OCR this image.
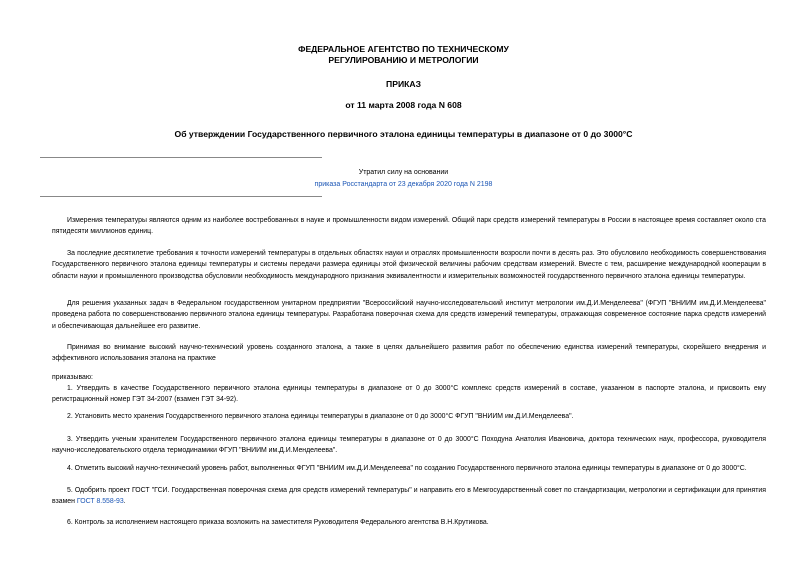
ФЕДЕРАЛЬНОЕ АГЕНТСТВО ПО ТЕХНИЧЕСКОМУ
РЕГУЛИРОВАНИЮ И МЕТРОЛОГИИ
ПРИКАЗ
от 11 марта 2008 года N 608
Об утверждении Государственного первичного эталона единицы температуры в диапазоне от 0 до 3000°С
Утратил силу на основании
приказа Росстандарта от 23 декабря 2020 года N 2198
Измерения температуры являются одним из наиболее востребованных в науке и промышленности видом измерений. Общий парк средств измерений температуры в России в настоящее время составляет около ста пятидесяти миллионов единиц.
За последние десятилетие требования к точности измерений температуры в отдельных областях науки и отраслях промышленности возросли почти в десять раз. Это обусловило необходимость совершенствования Государственного первичного эталона единицы температуры и системы передачи размера единицы этой физической величины рабочим средствам измерений. Вместе с тем, расширение международной кооперации в области науки и промышленного производства обусловили необходимость международного признания эквивалентности и измерительных возможностей государственного первичного эталона единицы температуры.
Для решения указанных задач в Федеральном государственном унитарном предприятии "Всероссийский научно-исследовательский институт метрологии им.Д.И.Менделеева" (ФГУП "ВНИИМ им.Д.И.Менделеева" проведена работа по совершенствованию первичного эталона единицы температуры. Разработана поверочная схема для средств измерений температуры, отражающая современное состояние парка средств измерений и обеспечивающая дальнейшее его развитие.
Принимая во внимание высокий научно-технический уровень созданного эталона, а также в целях дальнейшего развития работ по обеспечению единства измерений температуры, скорейшего внедрения и эффективного использования эталона на практике
приказываю:
1. Утвердить в качестве Государственного первичного эталона единицы температуры в диапазоне от 0 до 3000°С комплекс средств измерений в составе, указанном в паспорте эталона, и присвоить ему регистрационный номер ГЭТ 34-2007 (взамен ГЭТ 34-92).
2. Установить место хранения Государственного первичного эталона единицы температуры в диапазоне от 0 до 3000°С ФГУП "ВНИИМ им.Д.И.Менделеева".
3. Утвердить ученым хранителем Государственного первичного эталона единицы температуры в диапазоне от 0 до 3000°С Походуна Анатолия Ивановича, доктора технических наук, профессора, руководителя научно-исследовательского отдела термодинамики ФГУП "ВНИИМ им.Д.И.Менделеева".
4. Отметить высокий научно-технический уровень работ, выполненных ФГУП "ВНИИМ им.Д.И.Менделеева" по созданию Государственного первичного эталона единицы температуры в диапазоне от 0 до 3000°С.
5. Одобрить проект ГОСТ "ГСИ. Государственная поверочная схема для средств измерений температуры" и направить его в Межгосударственный совет по стандартизации, метрологии и сертификации для принятия взамен ГОСТ 8.558-93.
6. Контроль за исполнением настоящего приказа возложить на заместителя Руководителя Федерального агентства В.Н.Крутикова.
